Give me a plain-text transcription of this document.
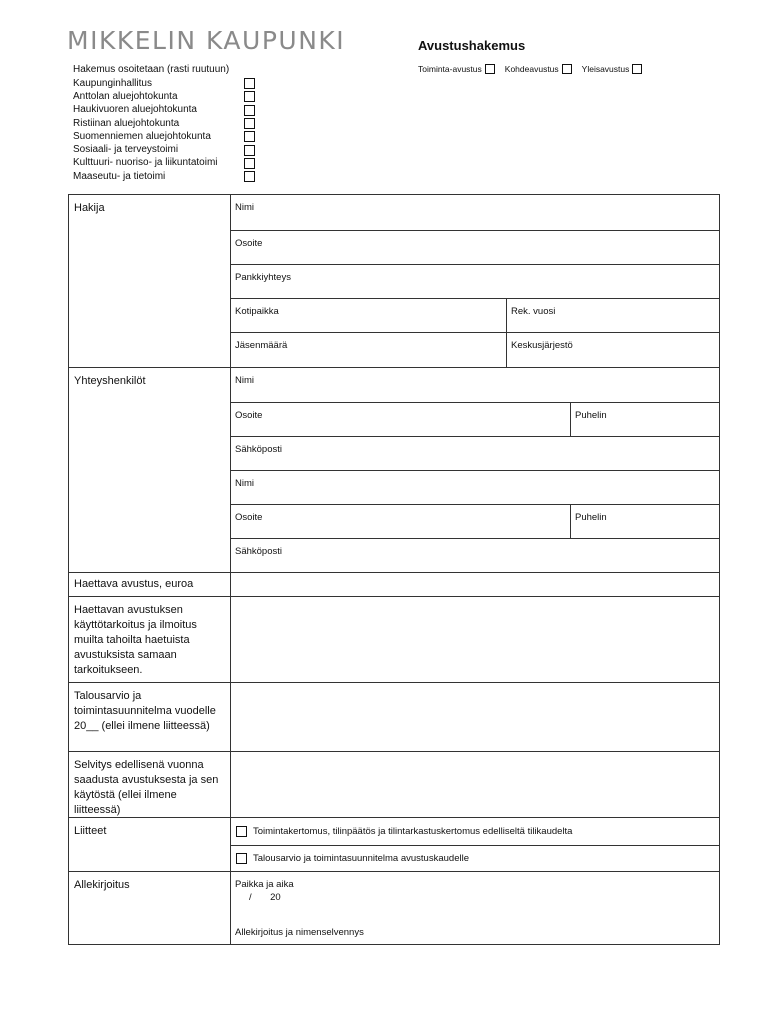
MIKKELIN KAUPUNKI	Avustushakemus
Toiminta-avustus	Kohdeavustus	Yleisavustus
Hakemus osoitetaan (rasti ruutuun)
Kaupunginhallitus
Anttolan aluejohtokunta
Haukivuoren aluejohtokunta
Ristiinan aluejohtokunta
Suomenniemen aluejohtokunta
Sosiaali- ja terveystoimi
Kulttuuri- nuoriso- ja liikuntatoimi
Maaseutu- ja tietoimi
Hakija	Nimi
Osoite
Pankkiyhteys
Kotipaikka	Rek. vuosi
Jäsenmäärä	Keskusjärjestö
Yhteyshenkilöt	Nimi
Osoite	Puhelin
Sähköposti
Nimi
Osoite	Puhelin
Sähköposti
Haettava avustus, euroa
Haettavan avustuksen käyttötarkoitus ja ilmoitus muilta tahoilta haetuista avustuksista samaan tarkoitukseen.
Talousarvio ja toimintasuunnitelma vuodelle 20__ (ellei ilmene liitteessä)
Selvitys edellisenä vuonna saadusta avustuksesta ja sen käytöstä (ellei ilmene liitteessä)
Liitteet	Toimintakertomus, tilinpäätös ja tilintarkastuskertomus edelliseltä tilikaudelta
Talousarvio ja toimintasuunnitelma avustuskaudelle
Allekirjoitus	Paikka ja aika
/       20
Allekirjoitus ja nimenselvennys
